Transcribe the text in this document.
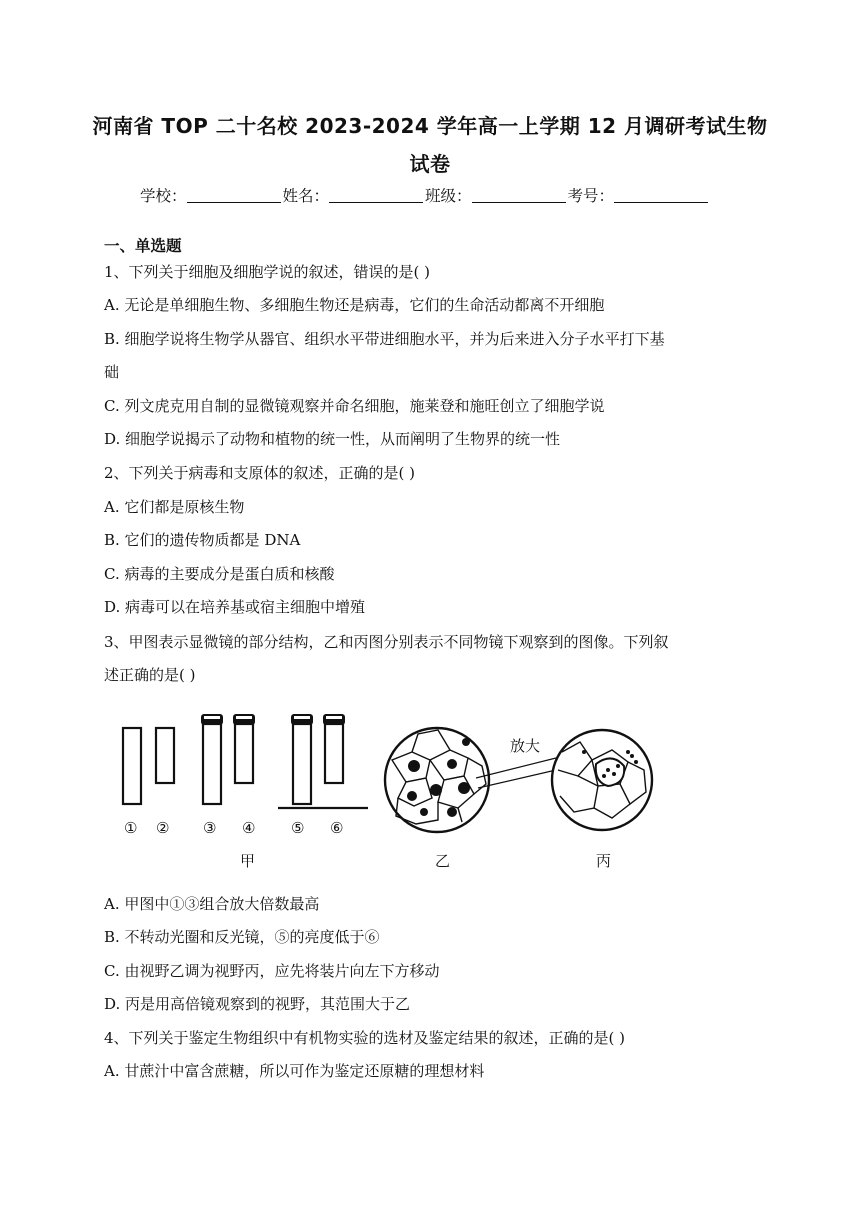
河南省 TOP 二十名校 2023-2024 学年高一上学期 12 月调研考试生物
试卷
学校：	姓名：	班级：	考号：
一、单选题
1、下列关于细胞及细胞学说的叙述，错误的是( )
A. 无论是单细胞生物、多细胞生物还是病毒，它们的生命活动都离不开细胞
B. 细胞学说将生物学从器官、组织水平带进细胞水平，并为后来进入分子水平打下基
础
C. 列文虎克用自制的显微镜观察并命名细胞，施莱登和施旺创立了细胞学说
D. 细胞学说揭示了动物和植物的统一性，从而阐明了生物界的统一性
2、下列关于病毒和支原体的叙述，正确的是( )
A. 它们都是原核生物
B. 它们的遗传物质都是 DNA
C. 病毒的主要成分是蛋白质和核酸
D. 病毒可以在培养基或宿主细胞中增殖
3、甲图表示显微镜的部分结构，乙和丙图分别表示不同物镜下观察到的图像。下列叙
述正确的是( )
放大
① ② ③ ④ ⑤ ⑥
甲	乙	丙
A. 甲图中①③组合放大倍数最高
B. 不转动光圈和反光镜，⑤的亮度低于⑥
C. 由视野乙调为视野丙，应先将装片向左下方移动
D. 丙是用高倍镜观察到的视野，其范围大于乙
4、下列关于鉴定生物组织中有机物实验的选材及鉴定结果的叙述，正确的是( )
A. 甘蔗汁中富含蔗糖，所以可作为鉴定还原糖的理想材料
